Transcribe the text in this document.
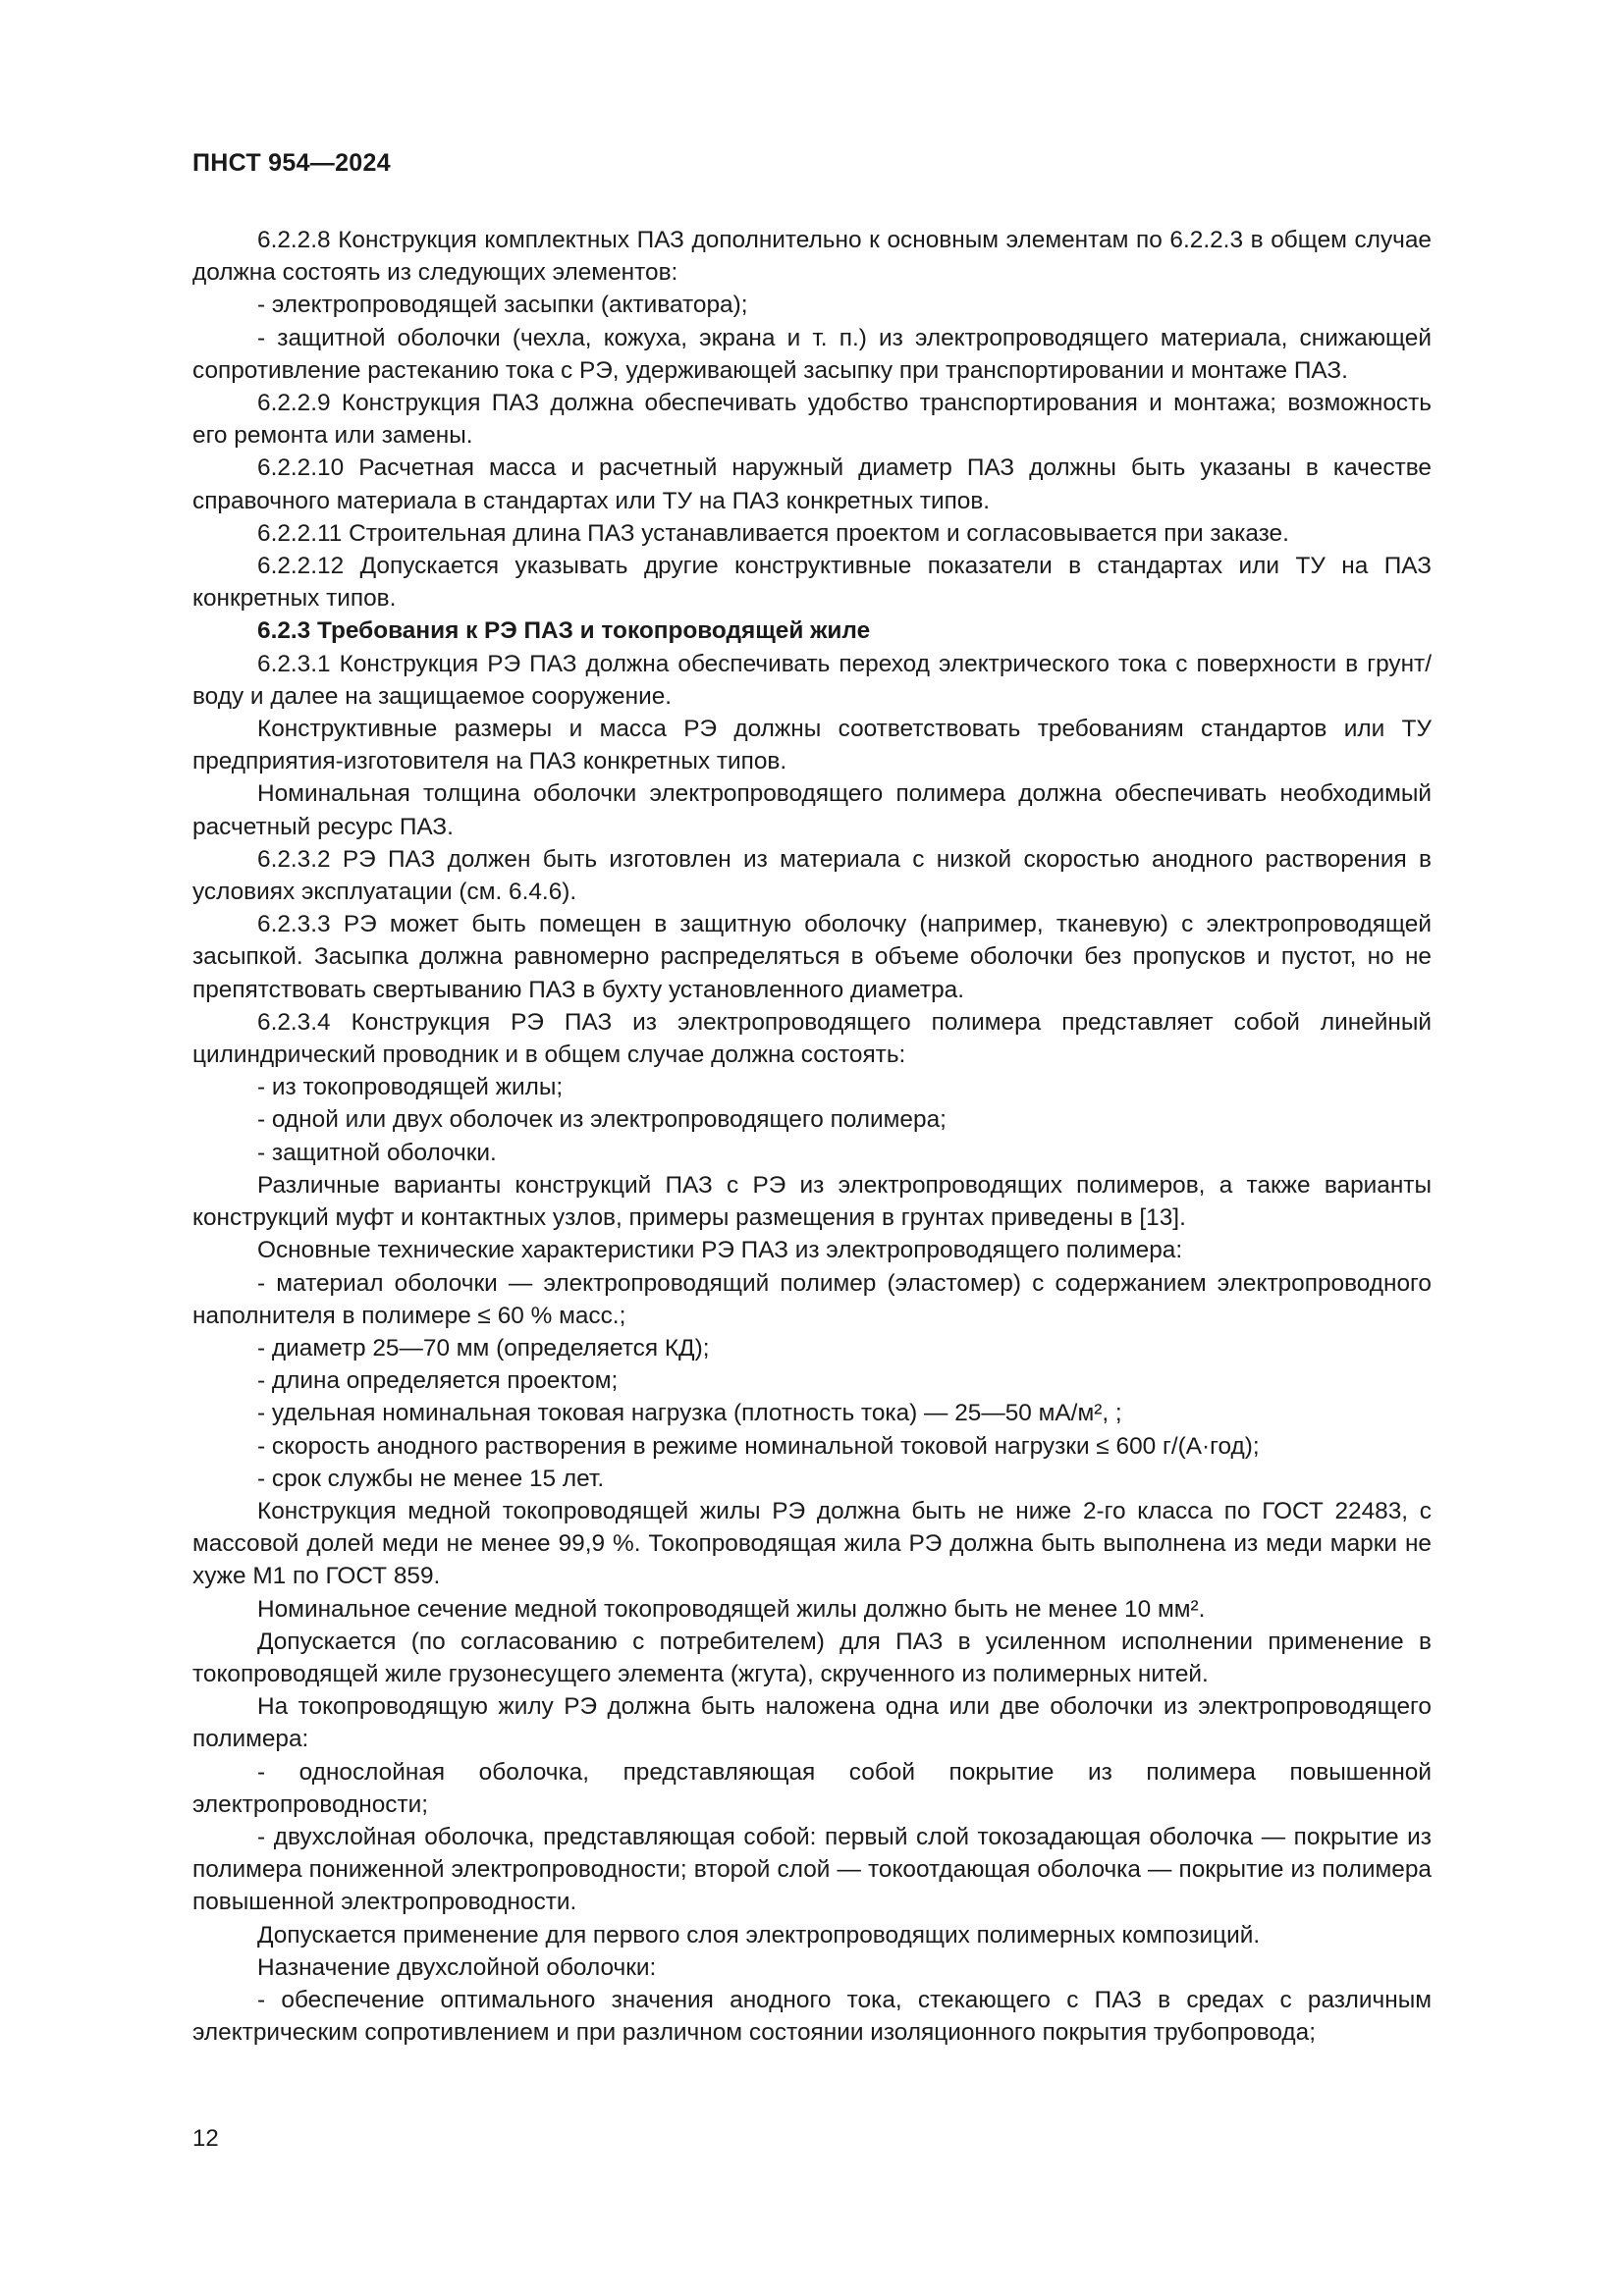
ПНСТ 954—2024

6.2.2.8 Конструкция комплектных ПАЗ дополнительно к основным элементам по 6.2.2.3 в общем случае должна состоять из следующих элементов:

- электропроводящей засыпки (активатора);

- защитной оболочки (чехла, кожуха, экрана и т. п.) из электропроводящего материала, снижающей сопротивление растеканию тока с РЭ, удерживающей засыпку при транспортировании и монтаже ПАЗ.

6.2.2.9 Конструкция ПАЗ должна обеспечивать удобство транспортирования и монтажа; возможность его ремонта или замены.

6.2.2.10 Расчетная масса и расчетный наружный диаметр ПАЗ должны быть указаны в качестве справочного материала в стандартах или ТУ на ПАЗ конкретных типов.

6.2.2.11 Строительная длина ПАЗ устанавливается проектом и согласовывается при заказе.

6.2.2.12 Допускается указывать другие конструктивные показатели в стандартах или ТУ на ПАЗ конкретных типов.

6.2.3 Требования к РЭ ПАЗ и токопроводящей жиле

6.2.3.1 Конструкция РЭ ПАЗ должна обеспечивать переход электрического тока с поверхности в грунт/воду и далее на защищаемое сооружение.

Конструктивные размеры и масса РЭ должны соответствовать требованиям стандартов или ТУ предприятия-изготовителя на ПАЗ конкретных типов.

Номинальная толщина оболочки электропроводящего полимера должна обеспечивать необходимый расчетный ресурс ПАЗ.

6.2.3.2 РЭ ПАЗ должен быть изготовлен из материала с низкой скоростью анодного растворения в условиях эксплуатации (см. 6.4.6).

6.2.3.3 РЭ может быть помещен в защитную оболочку (например, тканевую) с электропроводящей засыпкой. Засыпка должна равномерно распределяться в объеме оболочки без пропусков и пустот, но не препятствовать свертыванию ПАЗ в бухту установленного диаметра.

6.2.3.4 Конструкция РЭ ПАЗ из электропроводящего полимера представляет собой линейный цилиндрический проводник и в общем случае должна состоять:

- из токопроводящей жилы;

- одной или двух оболочек из электропроводящего полимера;

- защитной оболочки.

Различные варианты конструкций ПАЗ с РЭ из электропроводящих полимеров, а также варианты конструкций муфт и контактных узлов, примеры размещения в грунтах приведены в [13].

Основные технические характеристики РЭ ПАЗ из электропроводящего полимера:

- материал оболочки — электропроводящий полимер (эластомер) с содержанием электропроводного наполнителя в полимере ≤ 60 % масс.;

- диаметр 25—70 мм (определяется КД);

- длина определяется проектом;

- удельная номинальная токовая нагрузка (плотность тока) — 25—50 мА/м², ;

- скорость анодного растворения в режиме номинальной токовой нагрузки ≤ 600 г/(А·год);

- срок службы не менее 15 лет.

Конструкция медной токопроводящей жилы РЭ должна быть не ниже 2-го класса по ГОСТ 22483, с массовой долей меди не менее 99,9 %. Токопроводящая жила РЭ должна быть выполнена из меди марки не хуже М1 по ГОСТ 859.

Номинальное сечение медной токопроводящей жилы должно быть не менее 10 мм².

Допускается (по согласованию с потребителем) для ПАЗ в усиленном исполнении применение в токопроводящей жиле грузонесущего элемента (жгута), скрученного из полимерных нитей.

На токопроводящую жилу РЭ должна быть наложена одна или две оболочки из электропроводящего полимера:

- однослойная оболочка, представляющая собой покрытие из полимера повышенной электропроводности;

- двухслойная оболочка, представляющая собой: первый слой токозадающая оболочка — покрытие из полимера пониженной электропроводности; второй слой — токоотдающая оболочка — покрытие из полимера повышенной электропроводности.

Допускается применение для первого слоя электропроводящих полимерных композиций.

Назначение двухслойной оболочки:

- обеспечение оптимального значения анодного тока, стекающего с ПАЗ в средах с различным электрическим сопротивлением и при различном состоянии изоляционного покрытия трубопровода;

12
